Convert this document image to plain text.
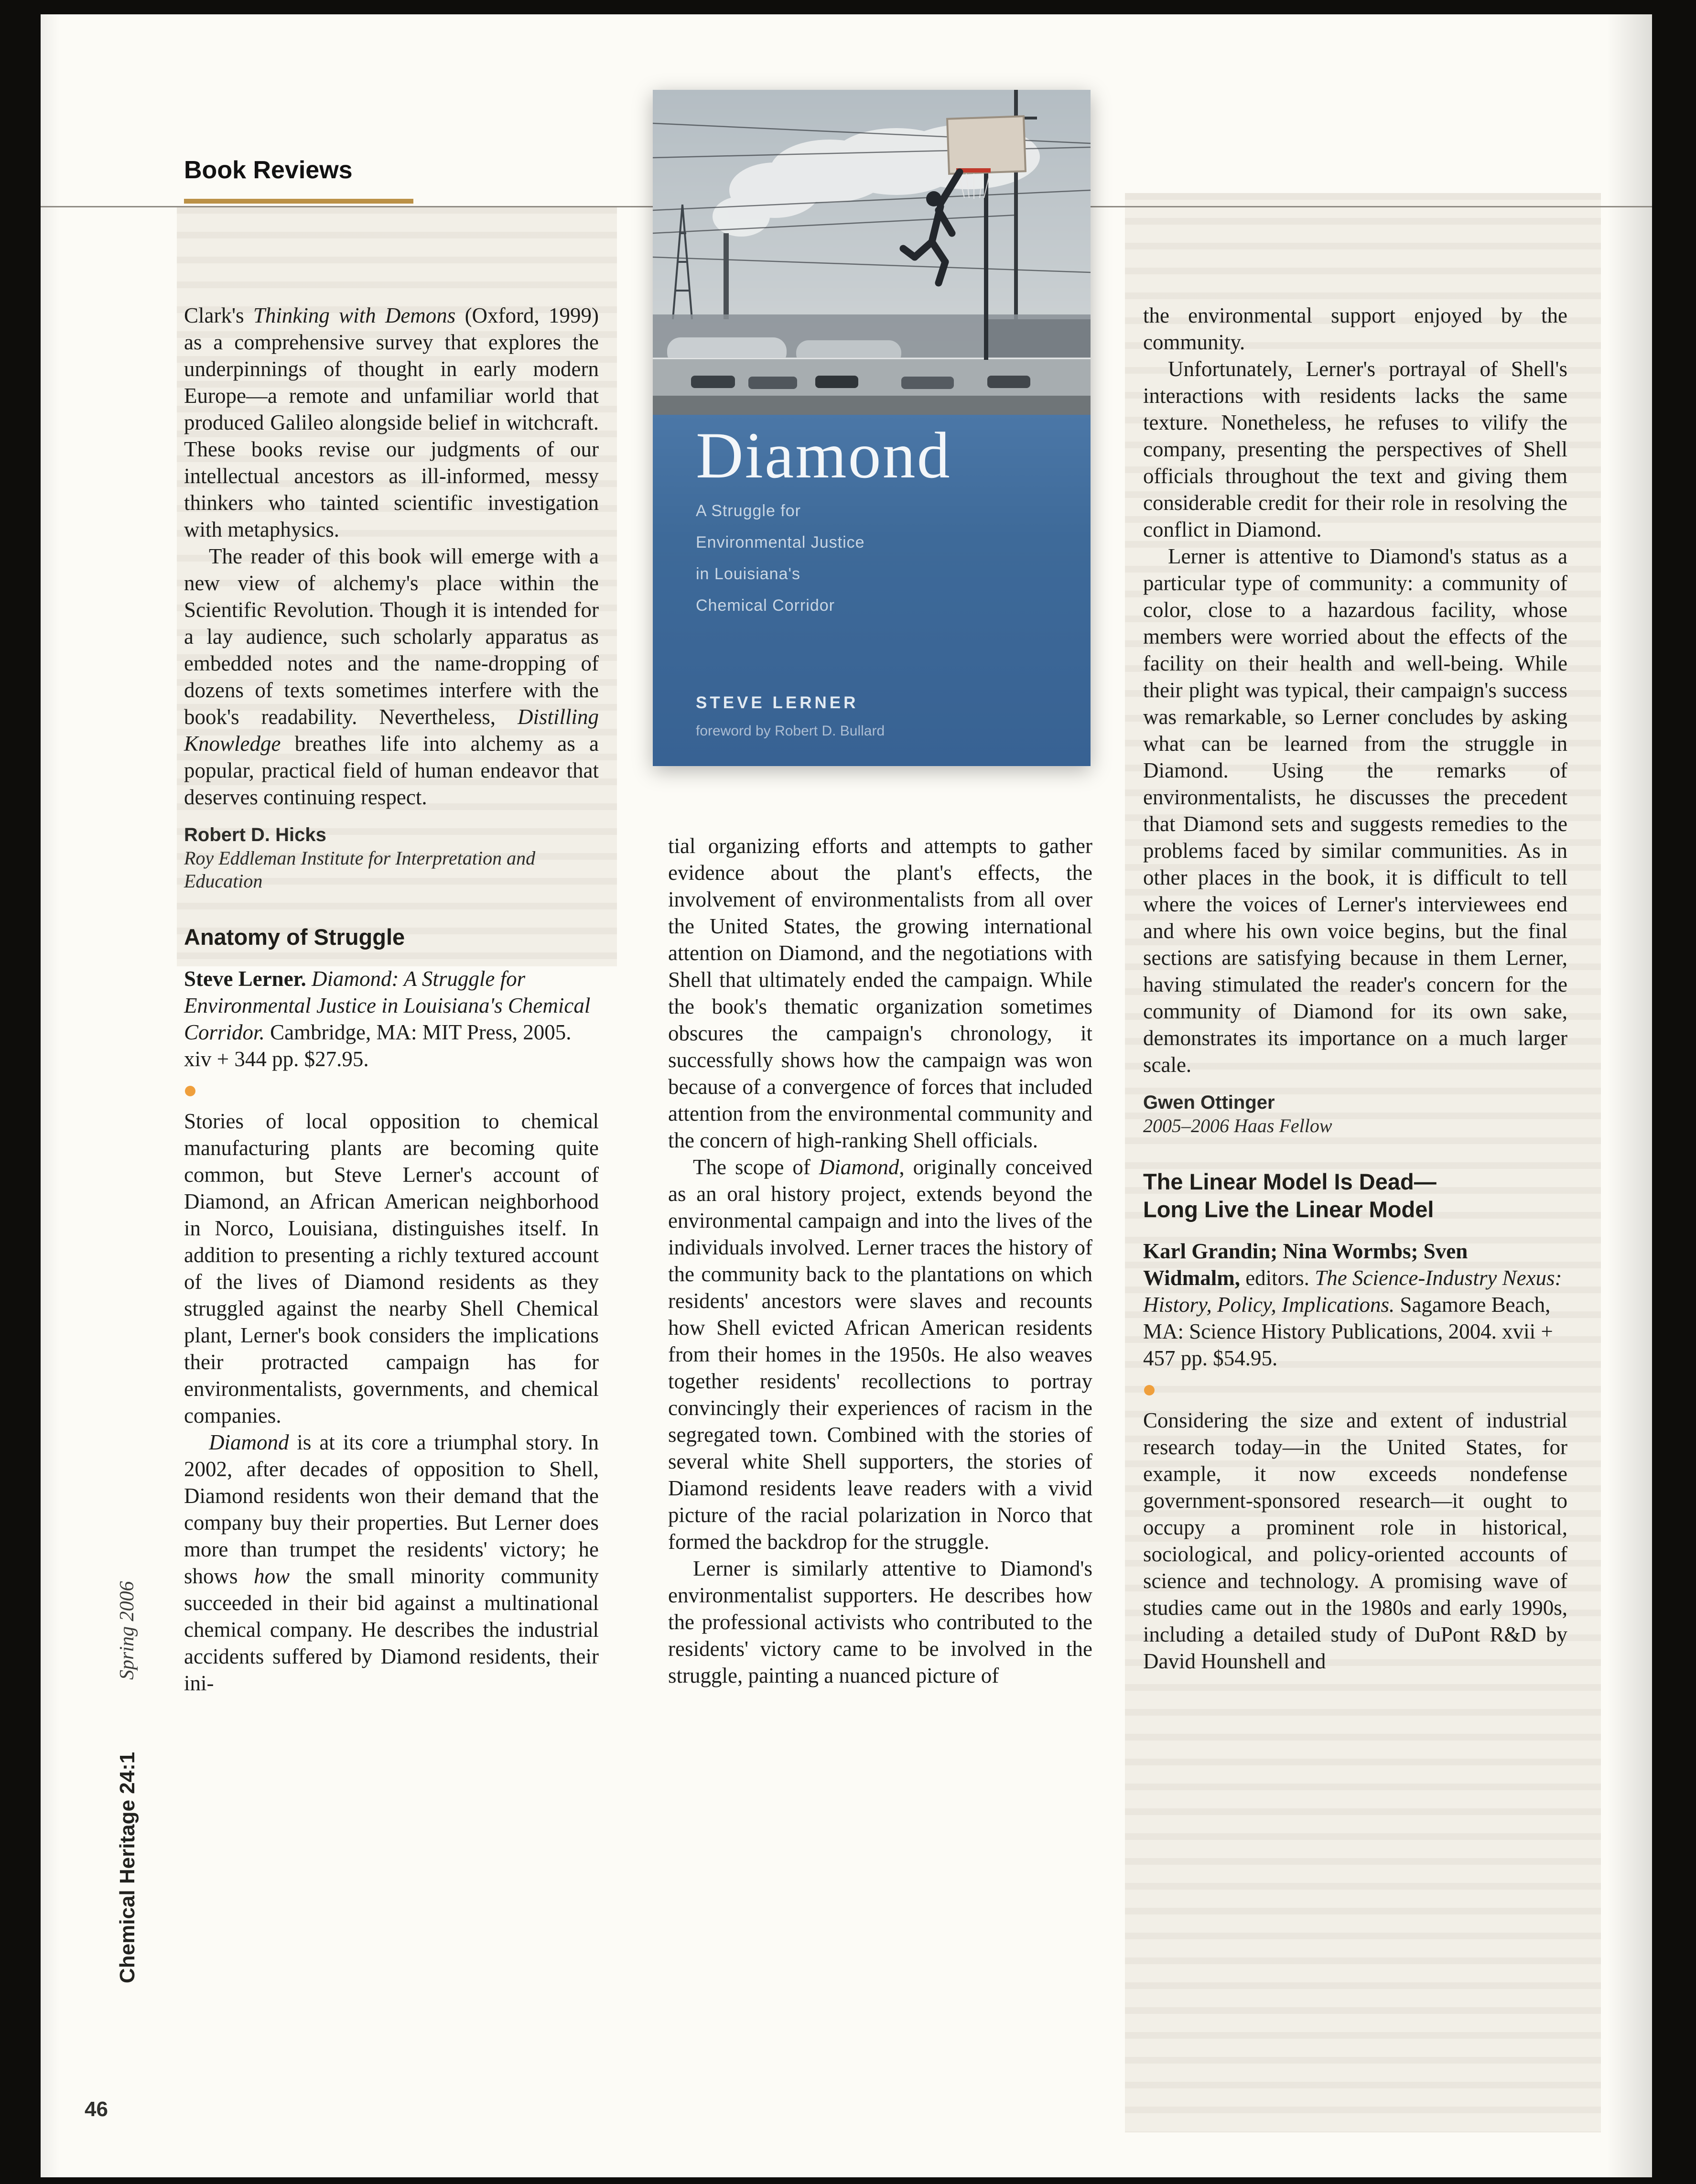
Book Reviews
Diamond
A Struggle for
Environmental Justice
in Louisiana's
Chemical Corridor
STEVE LERNER
foreword by Robert D. Bullard

Clark's Thinking with Demons (Oxford, 1999) as a comprehensive survey that explores the underpinnings of thought in early modern Europe—a remote and unfamiliar world that produced Galileo alongside belief in witchcraft. These books revise our judgments of our intellectual ancestors as ill-informed, messy thinkers who tainted scientific investigation with metaphysics.

The reader of this book will emerge with a new view of alchemy's place within the Scientific Revolution. Though it is intended for a lay audience, such scholarly apparatus as embedded notes and the name-dropping of dozens of texts sometimes interfere with the book's readability. Nevertheless, Distilling Knowledge breathes life into alchemy as a popular, practical field of human endeavor that deserves continuing respect.

Robert D. Hicks
Roy Eddleman Institute for Interpretation and Education
Anatomy of Struggle

Steve Lerner. Diamond: A Struggle for Environmental Justice in Louisiana's Chemical Corridor. Cambridge, MA: MIT Press, 2005. xiv + 344 pp. $27.95.

Stories of local opposition to chemical manufacturing plants are becoming quite common, but Steve Lerner's account of Diamond, an African American neighborhood in Norco, Louisiana, distinguishes itself. In addition to presenting a richly textured account of the lives of Diamond residents as they struggled against the nearby Shell Chemical plant, Lerner's book considers the implications their protracted campaign has for environmentalists, governments, and chemical companies.

Diamond is at its core a triumphal story. In 2002, after decades of opposition to Shell, Diamond residents won their demand that the company buy their properties. But Lerner does more than trumpet the residents' victory; he shows how the small minority community succeeded in their bid against a multinational chemical company. He describes the industrial accidents suffered by Diamond residents, their ini-

tial organizing efforts and attempts to gather evidence about the plant's effects, the involvement of environmentalists from all over the United States, the growing international attention on Diamond, and the negotiations with Shell that ultimately ended the campaign. While the book's thematic organization sometimes obscures the campaign's chronology, it successfully shows how the campaign was won because of a convergence of forces that included attention from the environmental community and the concern of high-ranking Shell officials.

The scope of Diamond, originally conceived as an oral history project, extends beyond the environmental campaign and into the lives of the individuals involved. Lerner traces the history of the community back to the plantations on which residents' ancestors were slaves and recounts how Shell evicted African American residents from their homes in the 1950s. He also weaves together residents' recollections to portray convincingly their experiences of racism in the segregated town. Combined with the stories of several white Shell supporters, the stories of Diamond residents leave readers with a vivid picture of the racial polarization in Norco that formed the backdrop for the struggle.

Lerner is similarly attentive to Diamond's environmentalist supporters. He describes how the professional activists who contributed to the residents' victory came to be involved in the struggle, painting a nuanced picture of

the environmental support enjoyed by the community.

Unfortunately, Lerner's portrayal of Shell's interactions with residents lacks the same texture. Nonetheless, he refuses to vilify the company, presenting the perspectives of Shell officials throughout the text and giving them considerable credit for their role in resolving the conflict in Diamond.

Lerner is attentive to Diamond's status as a particular type of community: a community of color, close to a hazardous facility, whose members were worried about the effects of the facility on their health and well-being. While their plight was typical, their campaign's success was remarkable, so Lerner concludes by asking what can be learned from the struggle in Diamond. Using the remarks of environmentalists, he discusses the precedent that Diamond sets and suggests remedies to the problems faced by similar communities. As in other places in the book, it is difficult to tell where the voices of Lerner's interviewees end and where his own voice begins, but the final sections are satisfying because in them Lerner, having stimulated the reader's concern for the community of Diamond for its own sake, demonstrates its importance on a much larger scale.

Gwen Ottinger
2005–2006 Haas Fellow
The Linear Model Is Dead—
Long Live the Linear Model

Karl Grandin; Nina Wormbs; Sven Widmalm, editors. The Science-Industry Nexus: History, Policy, Implications. Sagamore Beach, MA: Science History Publications, 2004. xvii + 457 pp. $54.95.

Considering the size and extent of industrial research today—in the United States, for example, it now exceeds nondefense government-sponsored research—it ought to occupy a prominent role in historical, sociological, and policy-oriented accounts of science and technology. A promising wave of studies came out in the 1980s and early 1990s, including a detailed study of DuPont R&D by David Hounshell and

Spring 2006
Chemical Heritage 24:1
46
